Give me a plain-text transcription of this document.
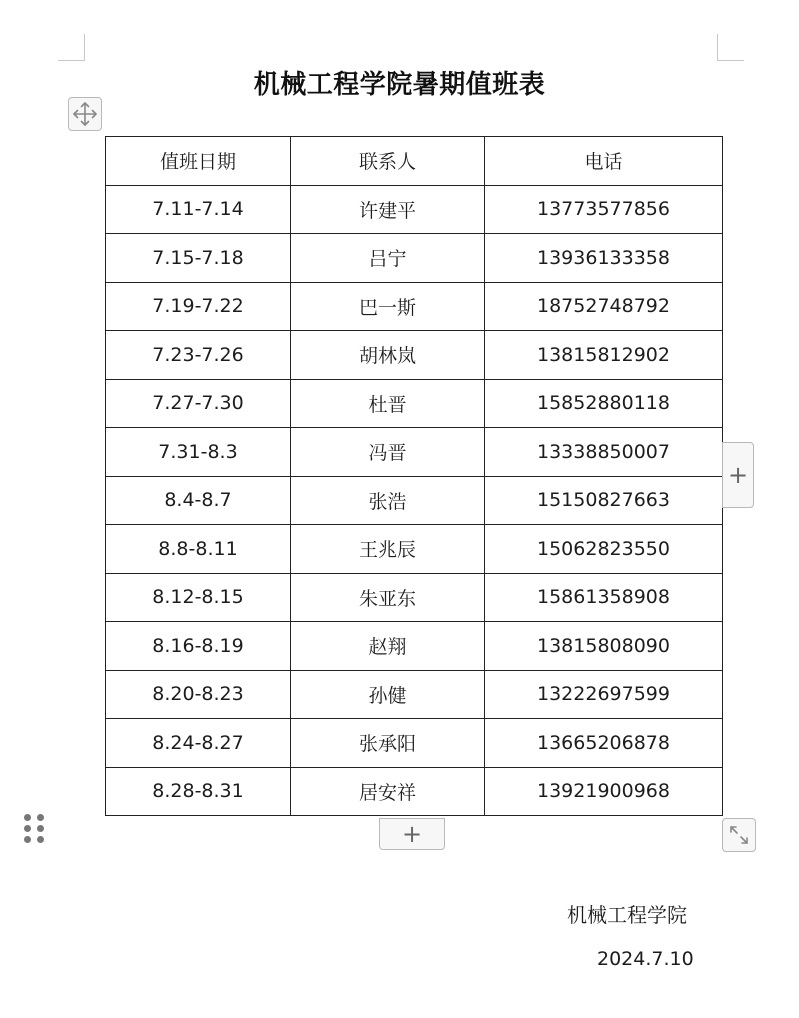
机械工程学院暑期值班表
值班日期	联系人	电话
7.11-7.14	许建平	13773577856
7.15-7.18	吕宁	13936133358
7.19-7.22	巴一斯	18752748792
7.23-7.26	胡林岚	13815812902
7.27-7.30	杜晋	15852880118
7.31-8.3	冯晋	13338850007
8.4-8.7	张浩	15150827663
8.8-8.11	王兆辰	15062823550
8.12-8.15	朱亚东	15861358908
8.16-8.19	赵翔	13815808090
8.20-8.23	孙健	13222697599
8.24-8.27	张承阳	13665206878
8.28-8.31	居安祥	13921900968
+
+
机械工程学院
2024.7.10
